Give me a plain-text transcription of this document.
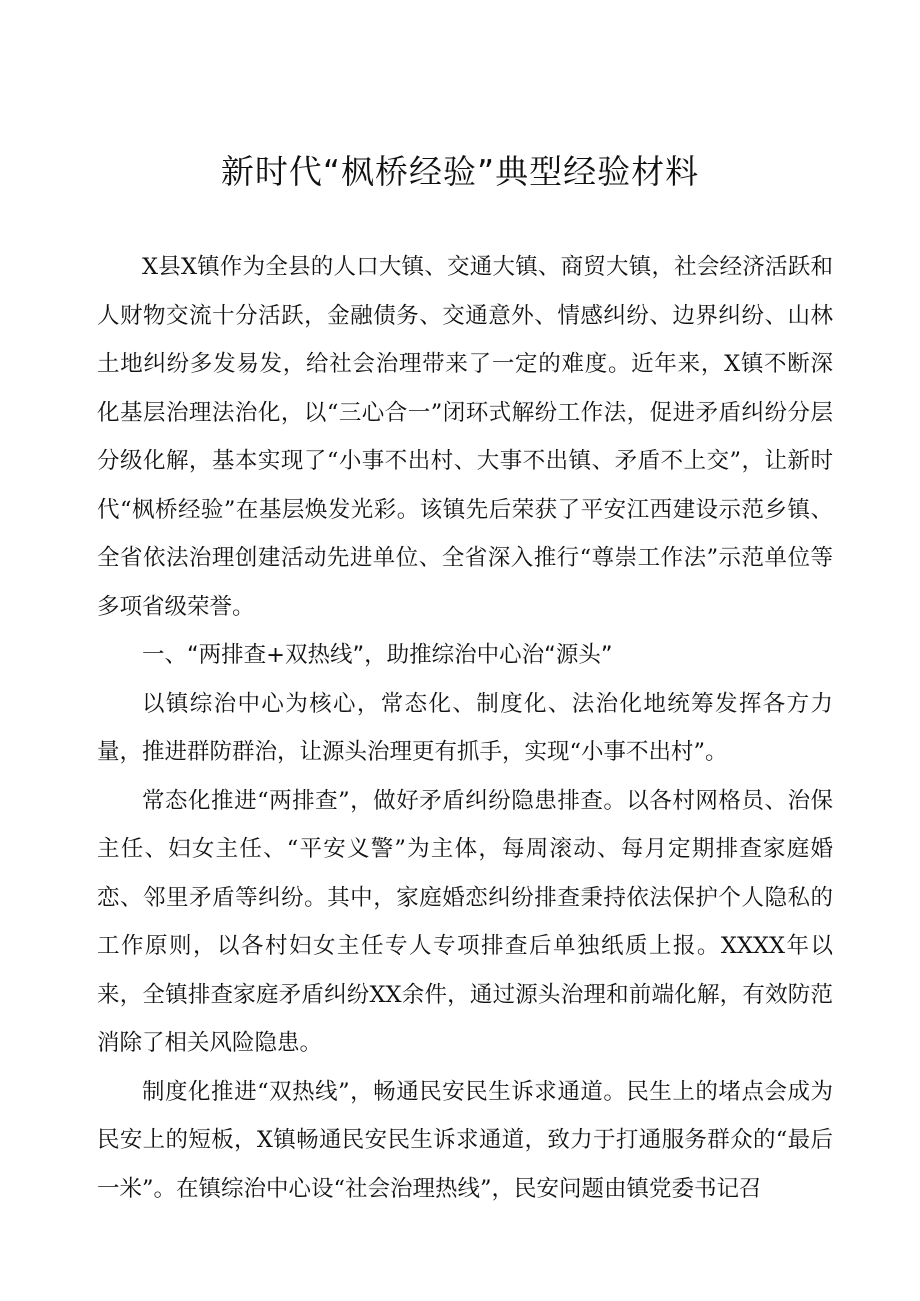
新时代“枫桥经验”典型经验材料

X县X镇作为全县的人口大镇、交通大镇、商贸大镇，社会经济活跃和人财物交流十分活跃，金融债务、交通意外、情感纠纷、边界纠纷、山林土地纠纷多发易发，给社会治理带来了一定的难度。近年来，X镇不断深化基层治理法治化，以“三心合一”闭环式解纷工作法，促进矛盾纠纷分层分级化解，基本实现了“小事不出村、大事不出镇、矛盾不上交”，让新时代“枫桥经验”在基层焕发光彩。该镇先后荣获了平安江西建设示范乡镇、全省依法治理创建活动先进单位、全省深入推行“尊崇工作法”示范单位等多项省级荣誉。

一、“两排查+双热线”，助推综治中心治“源头”

以镇综治中心为核心，常态化、制度化、法治化地统筹发挥各方力量，推进群防群治，让源头治理更有抓手，实现“小事不出村”。

常态化推进“两排查”，做好矛盾纠纷隐患排查。以各村网格员、治保主任、妇女主任、“平安义警”为主体，每周滚动、每月定期排查家庭婚恋、邻里矛盾等纠纷。其中，家庭婚恋纠纷排查秉持依法保护个人隐私的工作原则，以各村妇女主任专人专项排查后单独纸质上报。XXXX年以来，全镇排查家庭矛盾纠纷XX余件，通过源头治理和前端化解，有效防范消除了相关风险隐患。

制度化推进“双热线”，畅通民安民生诉求通道。民生上的堵点会成为民安上的短板，X镇畅通民安民生诉求通道，致力于打通服务群众的“最后一米”。在镇综治中心设“社会治理热线”，民安问题由镇党委书记召
